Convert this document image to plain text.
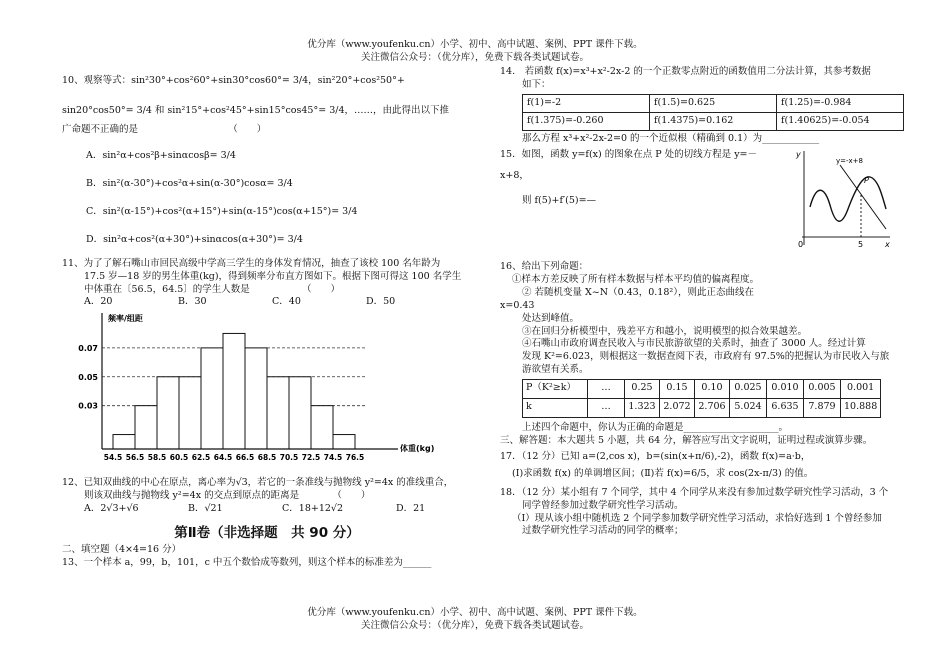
优分库（www.youfenku.cn）小学、初中、高中试题、案例、PPT 课件下载。
关注微信公众号：（优分库），免费下载各类试题试卷。

10、观察等式：sin²30°+cos²60°+sin30°cos60°= 3/4，sin²20°+cos²50°+

sin20°cos50°= 3/4 和 sin²15°+cos²45°+sin15°cos45°= 3/4，……，由此得出以下推

广命题不正确的是　　　　　　　　　　（　　）

A．sin²α+cos²β+sinαcosβ= 3/4

B．sin²(α-30°)+cos²α+sin(α-30°)cosα= 3/4

C．sin²(α-15°)+cos²(α+15°)+sin(α-15°)cos(α+15°)= 3/4

D．sin²α+cos²(α+30°)+sinαcos(α+30°)= 3/4

11、为了了解石嘴山市回民高级中学高三学生的身体发育情况，抽查了该校 100 名年龄为

17.5 岁—18 岁的男生体重(kg)，得到频率分布直方图如下。根据下图可得这 100 名学生

中体重在〔56.5，64.5〕的学生人数是　　　　　　（　　）

A．20	B．30	C．40	D．50
0.03
0.05
0.07
54.5 56.5 58.5 60.5 62.5 64.5 66.5 68.5 70.5 72.5 74.5 76.5
体重(kg)
频率/组距

12、已知双曲线的中心在原点，离心率为√3，若它的一条准线与抛物线 y²=4x 的准线重合，

则该双曲线与抛物线 y²=4x 的交点到原点的距离是　　　　（　　）

A．2√3+√6	B．√21	C．18+12√2	D．21
第Ⅱ卷（非选择题　共 90 分）

二、填空题（4×4=16 分）

13、一个样本 a，99，b，101，c 中五个数恰成等数列，则这个样本的标准差为______

14.　若函数 f(x)=x³+x²-2x-2 的一个正数零点附近的函数值用二分法计算，其参考数据

如下：

f(1)=-2	f(1.5)=0.625	f(1.25)=-0.984
f(1.375)=-0.260	f(1.4375)=0.162	f(1.40625)=-0.054

那么方程 x³+x²-2x-2=0 的一个近似根（精确到 0.1）为____________

15．如图，函数 y=f(x) 的图象在点 P 处的切线方程是 y=－

x+8，

则 f(5)+f′(5)=—

x
y
0	5
y=-x+8
P

16、给出下列命题：

①样本方差反映了所有样本数据与样本平均值的偏离程度。

② 若随机变量 X~N（0.43，0.18²），则此正态曲线在

x=0.43

处达到峰值。

③在回归分析模型中，残差平方和越小，说明模型的拟合效果越差。

④石嘴山市政府调查民收入与市民旅游欲望的关系时，抽查了 3000 人。经过计算

发现 K²=6.023，则根据这一数据查阅下表，市政府有 97.5%的把握认为市民收入与旅

游欲望有关系。

P（K²≥k）	…	0.25	0.15	0.10	0.025	0.010	0.005	0.001
k	…	1.323	2.072	2.706	5.024	6.635	7.879	10.888

上述四个命题中，你认为正确的命题是____________________。

三、解答题：本大题共 5 小题，共 64 分，解答应写出文字说明，证明过程或演算步骤。

17．（12 分）已知 a=(2,cos x)，b=(sin(x+π/6),-2)，函数 f(x)=a·b，

(Ⅰ)求函数 f(x) 的单调增区间；(Ⅱ)若 f(x)=6/5，求 cos(2x-π/3) 的值。

18．（12 分）某小组有 7 个同学，其中 4 个同学从来没有参加过数学研究性学习活动，3 个

同学曾经参加过数学研究性学习活动。

（Ⅰ）现从该小组中随机选 2 个同学参加数学研究性学习活动，求恰好选到 1 个曾经参加

过数学研究性学习活动的同学的概率；

优分库（www.youfenku.cn）小学、初中、高中试题、案例、PPT 课件下载。
关注微信公众号：（优分库），免费下载各类试题试卷。
